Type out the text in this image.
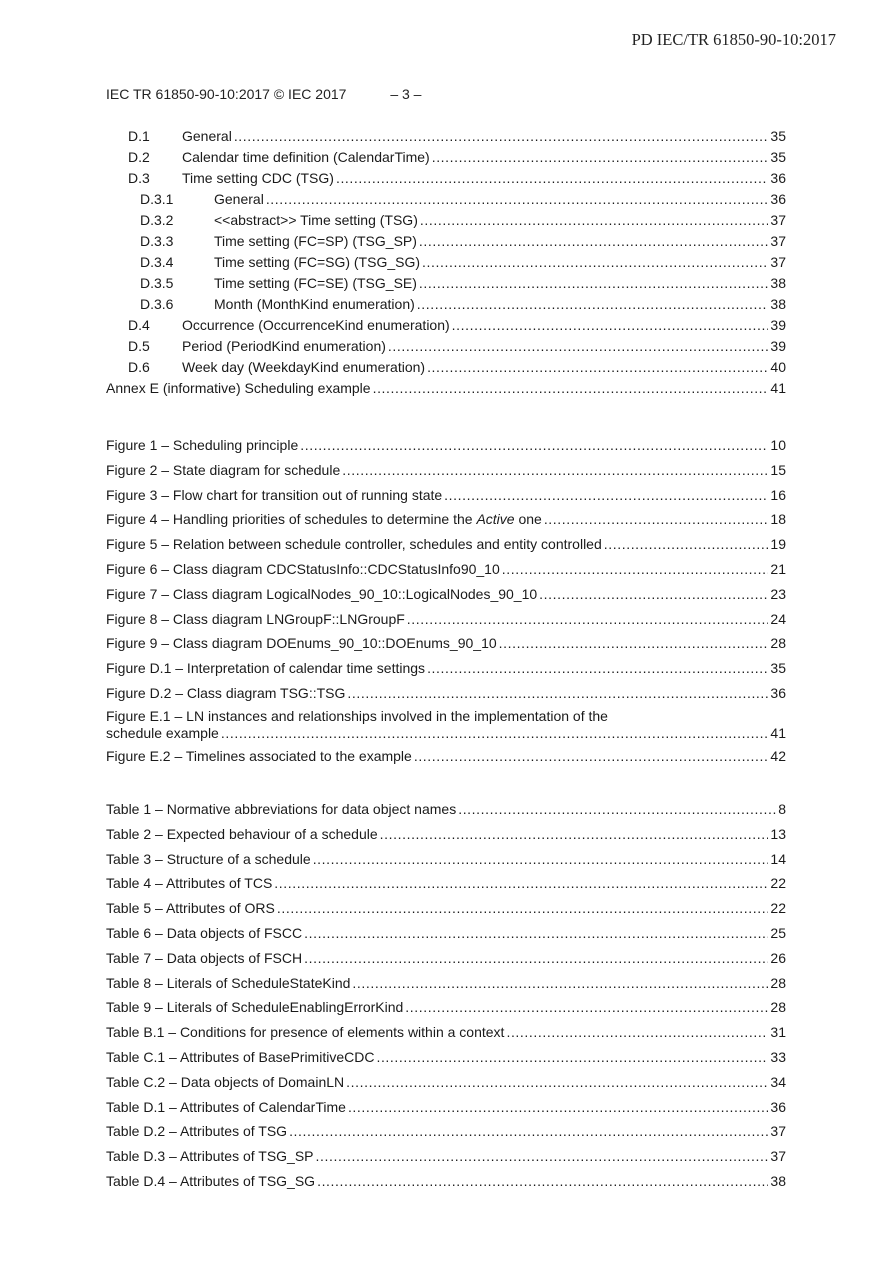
PD IEC/TR 61850-90-10:2017
IEC TR 61850-90-10:2017 © IEC 2017	– 3 –
D.1	General .....	35
D.2	Calendar time definition (CalendarTime) .....	35
D.3	Time setting CDC (TSG) .....	36
D.3.1	General .....	36
D.3.2	<<abstract>> Time setting (TSG) .....	37
D.3.3	Time setting (FC=SP) (TSG_SP) .....	37
D.3.4	Time setting (FC=SG) (TSG_SG) .....	37
D.3.5	Time setting (FC=SE) (TSG_SE) .....	38
D.3.6	Month (MonthKind enumeration) .....	38
D.4	Occurrence (OccurrenceKind enumeration) .....	39
D.5	Period (PeriodKind enumeration) .....	39
D.6	Week day (WeekdayKind enumeration) .....	40
Annex E (informative) Scheduling example .....	41
Figure 1 – Scheduling principle .....	10
Figure 2 – State diagram for schedule .....	15
Figure 3 – Flow chart for transition out of running state .....	16
Figure 4 – Handling priorities of schedules to determine the Active one .....	18
Figure 5 – Relation between schedule controller, schedules and entity controlled .....	19
Figure 6 – Class diagram CDCStatusInfo::CDCStatusInfo90_10 .....	21
Figure 7 – Class diagram LogicalNodes_90_10::LogicalNodes_90_10 .....	23
Figure 8 – Class diagram LNGroupF::LNGroupF .....	24
Figure 9 – Class diagram DOEnums_90_10::DOEnums_90_10 .....	28
Figure D.1 – Interpretation of calendar time settings .....	35
Figure D.2 – Class diagram TSG::TSG .....	36
Figure E.1 – LN instances and relationships involved in the implementation of the
schedule example .....	41
Figure E.2 – Timelines associated to the example .....	42
Table 1 – Normative abbreviations for data object names .....	8
Table 2 – Expected behaviour of a schedule .....	13
Table 3 – Structure of a schedule .....	14
Table 4 – Attributes of TCS .....	22
Table 5 – Attributes of ORS .....	22
Table 6 – Data objects of FSCC .....	25
Table 7 – Data objects of FSCH .....	26
Table 8 – Literals of ScheduleStateKind .....	28
Table 9 – Literals of ScheduleEnablingErrorKind .....	28
Table B.1 – Conditions for presence of elements within a context .....	31
Table C.1 – Attributes of BasePrimitiveCDC .....	33
Table C.2 – Data objects of DomainLN .....	34
Table D.1 – Attributes of CalendarTime .....	36
Table D.2 – Attributes of TSG .....	37
Table D.3 – Attributes of TSG_SP .....	37
Table D.4 – Attributes of TSG_SG .....	38
